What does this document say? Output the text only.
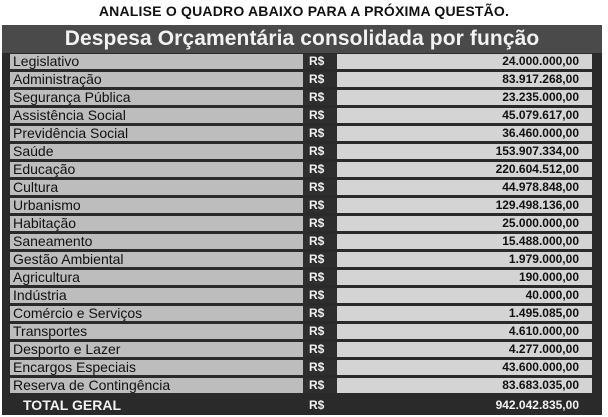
ANALISE O QUADRO ABAIXO PARA A PRÓXIMA QUESTÃO.
Despesa Orçamentária consolidada por função
Legislativo	R$	24.000.000,00
Administração	R$	83.917.268,00
Segurança Pública	R$	23.235.000,00
Assistência Social	R$	45.079.617,00
Previdência Social	R$	36.460.000,00
Saúde	R$	153.907.334,00
Educação	R$	220.604.512,00
Cultura	R$	44.978.848,00
Urbanismo	R$	129.498.136,00
Habitação	R$	25.000.000,00
Saneamento	R$	15.488.000,00
Gestão Ambiental	R$	1.979.000,00
Agricultura	R$	190.000,00
Indústria	R$	40.000,00
Comércio e Serviços	R$	1.495.085,00
Transportes	R$	4.610.000,00
Desporto e Lazer	R$	4.277.000,00
Encargos Especiais	R$	43.600.000,00
Reserva de Contingência	R$	83.683.035,00
TOTAL GERAL	R$	942.042.835,00
